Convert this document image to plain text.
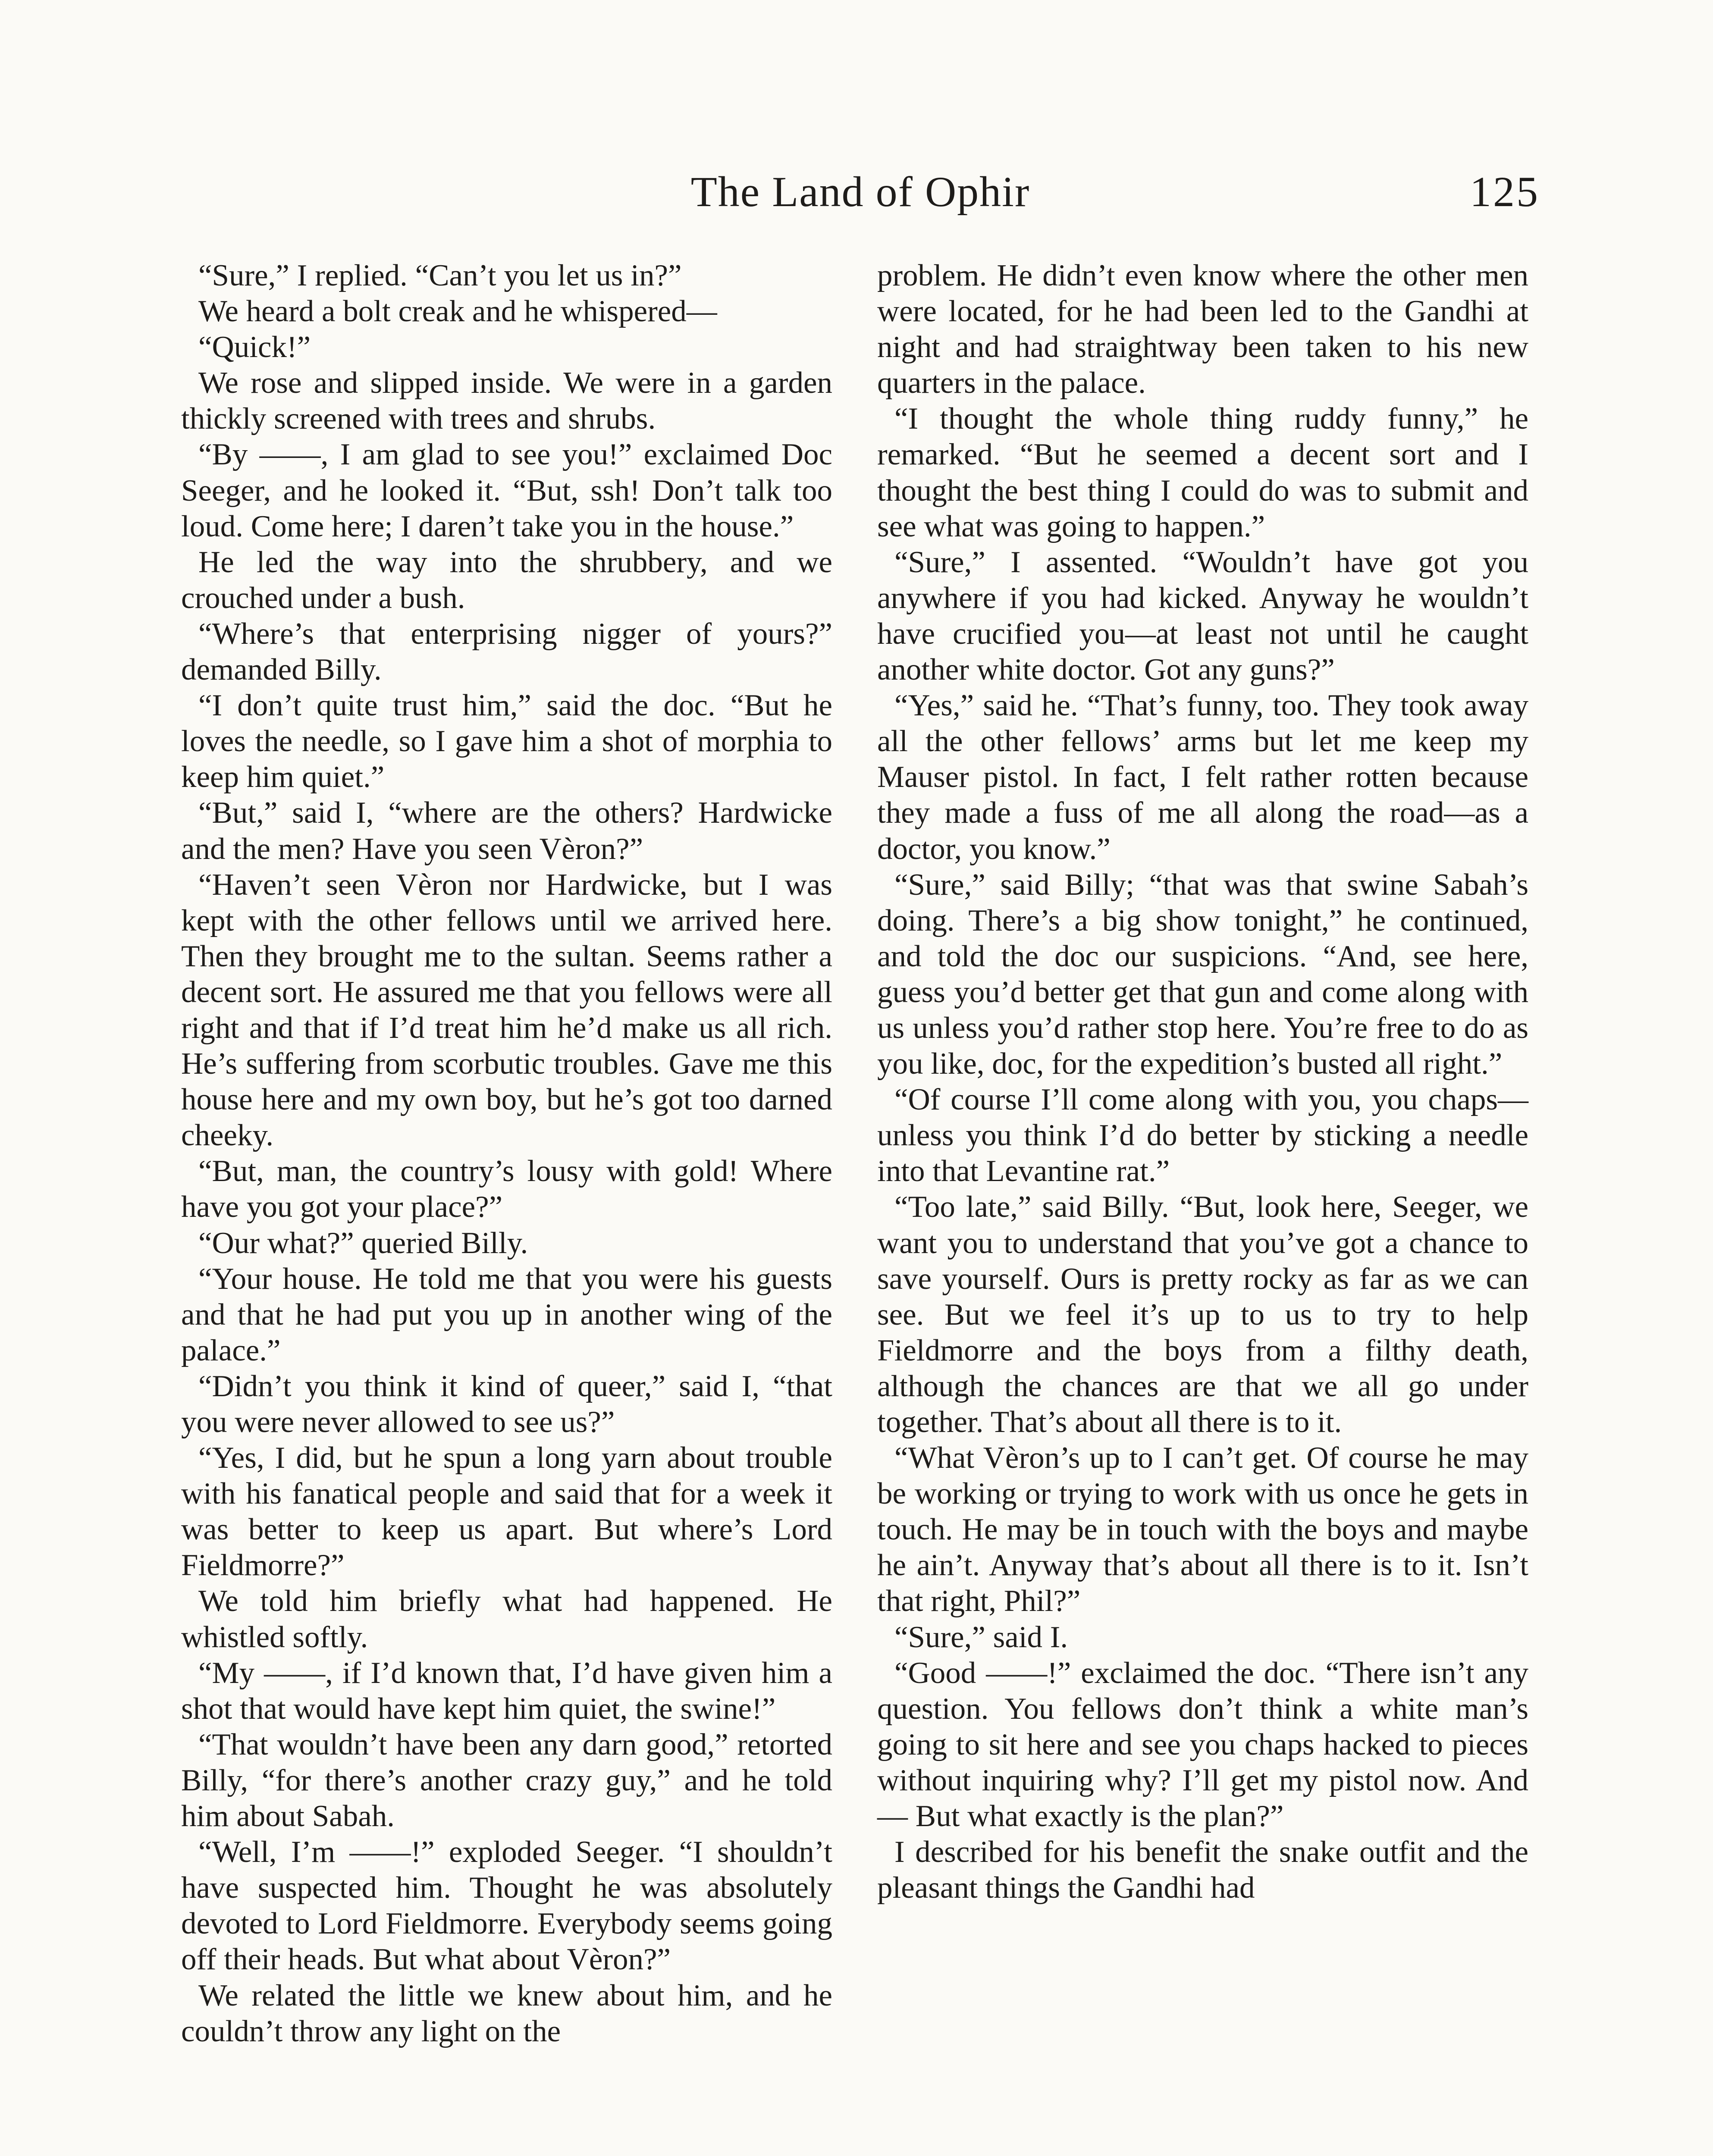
The Land of Ophir	125

“Sure,” I replied. “Can’t you let us in?”

We heard a bolt creak and he whispered—

“Quick!”

We rose and slipped inside. We were in a garden thickly screened with trees and shrubs.

“By ——, I am glad to see you!” exclaimed Doc Seeger, and he looked it. “But, ssh! Don’t talk too loud. Come here; I daren’t take you in the house.”

He led the way into the shrubbery, and we crouched under a bush.

“Where’s that enterprising nigger of yours?” demanded Billy.

“I don’t quite trust him,” said the doc. “But he loves the needle, so I gave him a shot of morphia to keep him quiet.”

“But,” said I, “where are the others? Hardwicke and the men? Have you seen Vèron?”

“Haven’t seen Vèron nor Hardwicke, but I was kept with the other fellows until we arrived here. Then they brought me to the sultan. Seems rather a decent sort. He assured me that you fellows were all right and that if I’d treat him he’d make us all rich. He’s suffering from scorbutic troubles. Gave me this house here and my own boy, but he’s got too darned cheeky.

“But, man, the country’s lousy with gold! Where have you got your place?”

“Our what?” queried Billy.

“Your house. He told me that you were his guests and that he had put you up in another wing of the palace.”

“Didn’t you think it kind of queer,” said I, “that you were never allowed to see us?”

“Yes, I did, but he spun a long yarn about trouble with his fanatical people and said that for a week it was better to keep us apart. But where’s Lord Fieldmorre?”

We told him briefly what had happened. He whistled softly.

“My ——, if I’d known that, I’d have given him a shot that would have kept him quiet, the swine!”

“That wouldn’t have been any darn good,” retorted Billy, “for there’s another crazy guy,” and he told him about Sabah.

“Well, I’m ——!” exploded Seeger. “I shouldn’t have suspected him. Thought he was absolutely devoted to Lord Fieldmorre. Everybody seems going off their heads. But what about Vèron?”

We related the little we knew about him, and he couldn’t throw any light on the

problem. He didn’t even know where the other men were located, for he had been led to the Gandhi at night and had straightway been taken to his new quarters in the palace.

“I thought the whole thing ruddy funny,” he remarked. “But he seemed a decent sort and I thought the best thing I could do was to submit and see what was going to happen.”

“Sure,” I assented. “Wouldn’t have got you anywhere if you had kicked. Anyway he wouldn’t have crucified you—at least not until he caught another white doctor. Got any guns?”

“Yes,” said he. “That’s funny, too. They took away all the other fellows’ arms but let me keep my Mauser pistol. In fact, I felt rather rotten because they made a fuss of me all along the road—as a doctor, you know.”

“Sure,” said Billy; “that was that swine Sabah’s doing. There’s a big show tonight,” he continued, and told the doc our suspicions. “And, see here, guess you’d better get that gun and come along with us unless you’d rather stop here. You’re free to do as you like, doc, for the expedition’s busted all right.”

“Of course I’ll come along with you, you chaps—unless you think I’d do better by sticking a needle into that Levantine rat.”

“Too late,” said Billy. “But, look here, Seeger, we want you to understand that you’ve got a chance to save yourself. Ours is pretty rocky as far as we can see. But we feel it’s up to us to try to help Fieldmorre and the boys from a filthy death, although the chances are that we all go under together. That’s about all there is to it.

“What Vèron’s up to I can’t get. Of course he may be working or trying to work with us once he gets in touch. He may be in touch with the boys and maybe he ain’t. Anyway that’s about all there is to it. Isn’t that right, Phil?”

“Sure,” said I.

“Good ——!” exclaimed the doc. “There isn’t any question. You fellows don’t think a white man’s going to sit here and see you chaps hacked to pieces without inquiring why? I’ll get my pistol now. And— But what exactly is the plan?”

I described for his benefit the snake outfit and the pleasant things the Gandhi had
